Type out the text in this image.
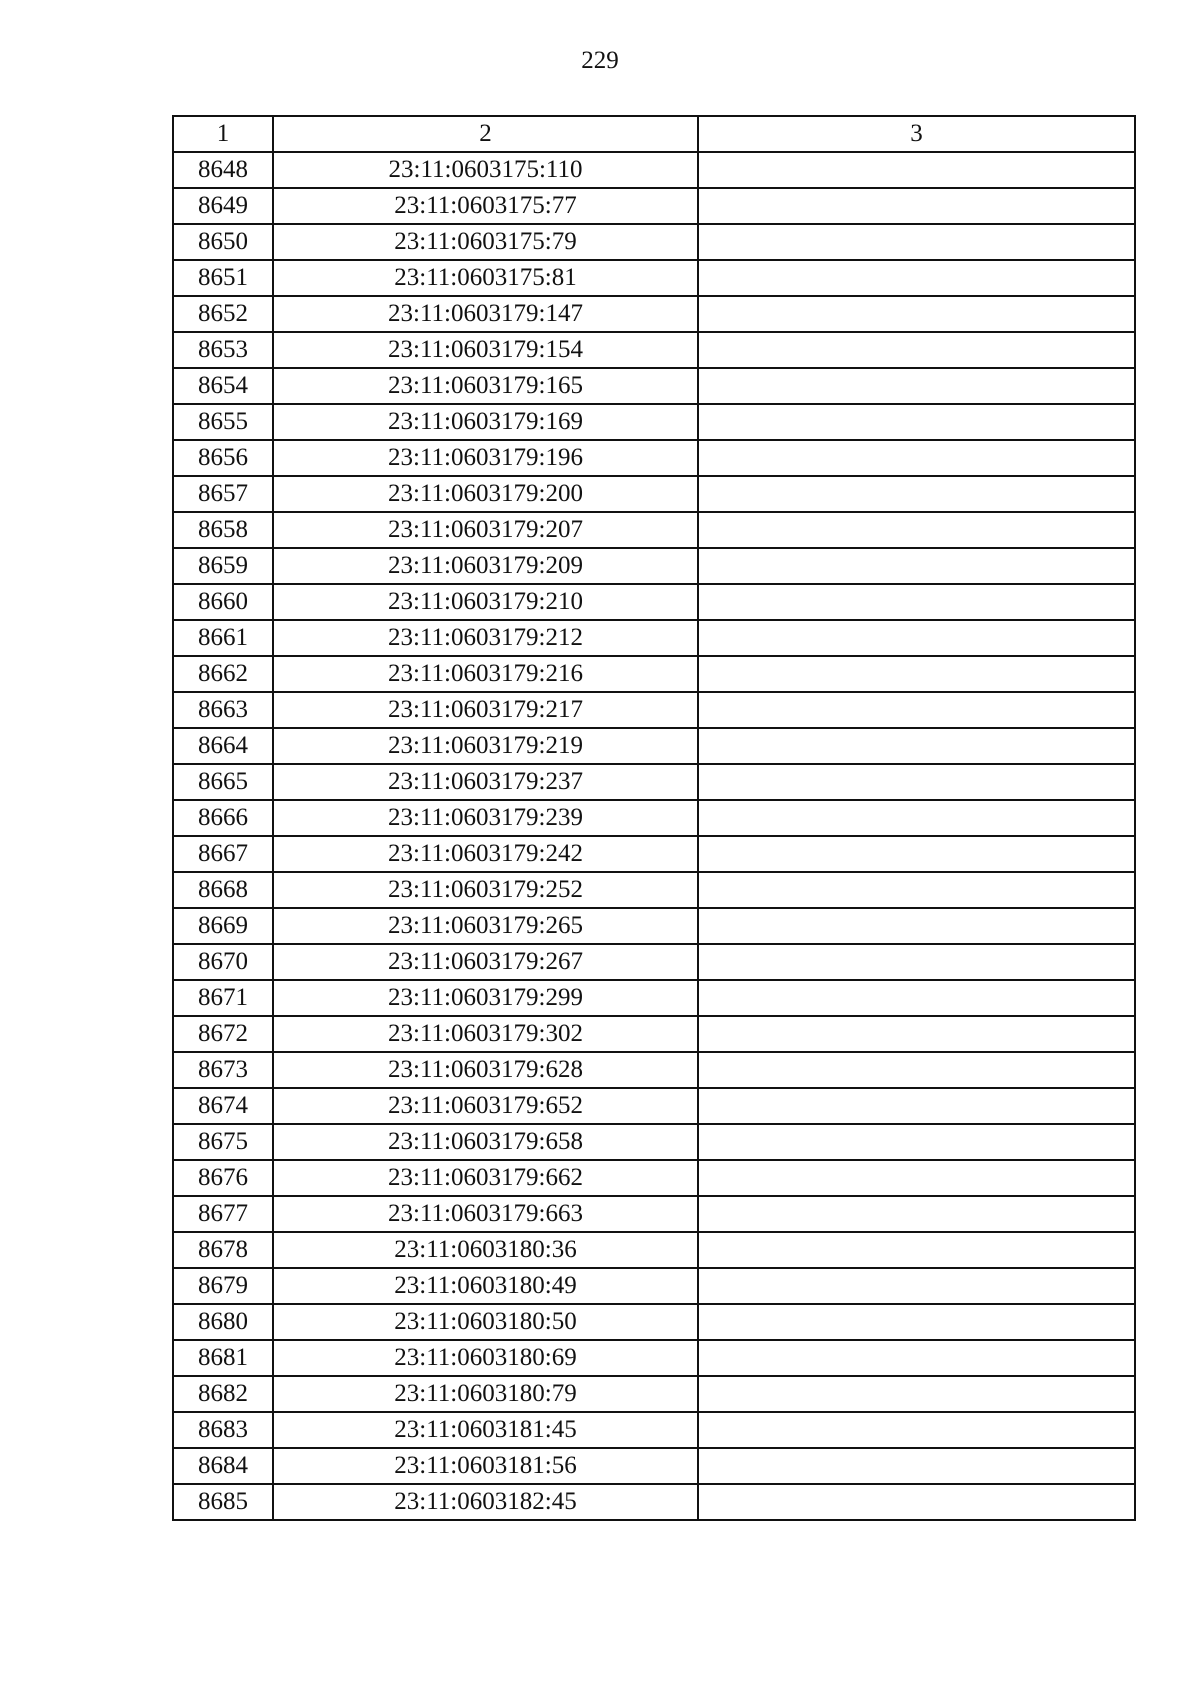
229
1	2	3
8648	23:11:0603175:110	
8649	23:11:0603175:77	
8650	23:11:0603175:79	
8651	23:11:0603175:81	
8652	23:11:0603179:147	
8653	23:11:0603179:154	
8654	23:11:0603179:165	
8655	23:11:0603179:169	
8656	23:11:0603179:196	
8657	23:11:0603179:200	
8658	23:11:0603179:207	
8659	23:11:0603179:209	
8660	23:11:0603179:210	
8661	23:11:0603179:212	
8662	23:11:0603179:216	
8663	23:11:0603179:217	
8664	23:11:0603179:219	
8665	23:11:0603179:237	
8666	23:11:0603179:239	
8667	23:11:0603179:242	
8668	23:11:0603179:252	
8669	23:11:0603179:265	
8670	23:11:0603179:267	
8671	23:11:0603179:299	
8672	23:11:0603179:302	
8673	23:11:0603179:628	
8674	23:11:0603179:652	
8675	23:11:0603179:658	
8676	23:11:0603179:662	
8677	23:11:0603179:663	
8678	23:11:0603180:36	
8679	23:11:0603180:49	
8680	23:11:0603180:50	
8681	23:11:0603180:69	
8682	23:11:0603180:79	
8683	23:11:0603181:45	
8684	23:11:0603181:56	
8685	23:11:0603182:45	
